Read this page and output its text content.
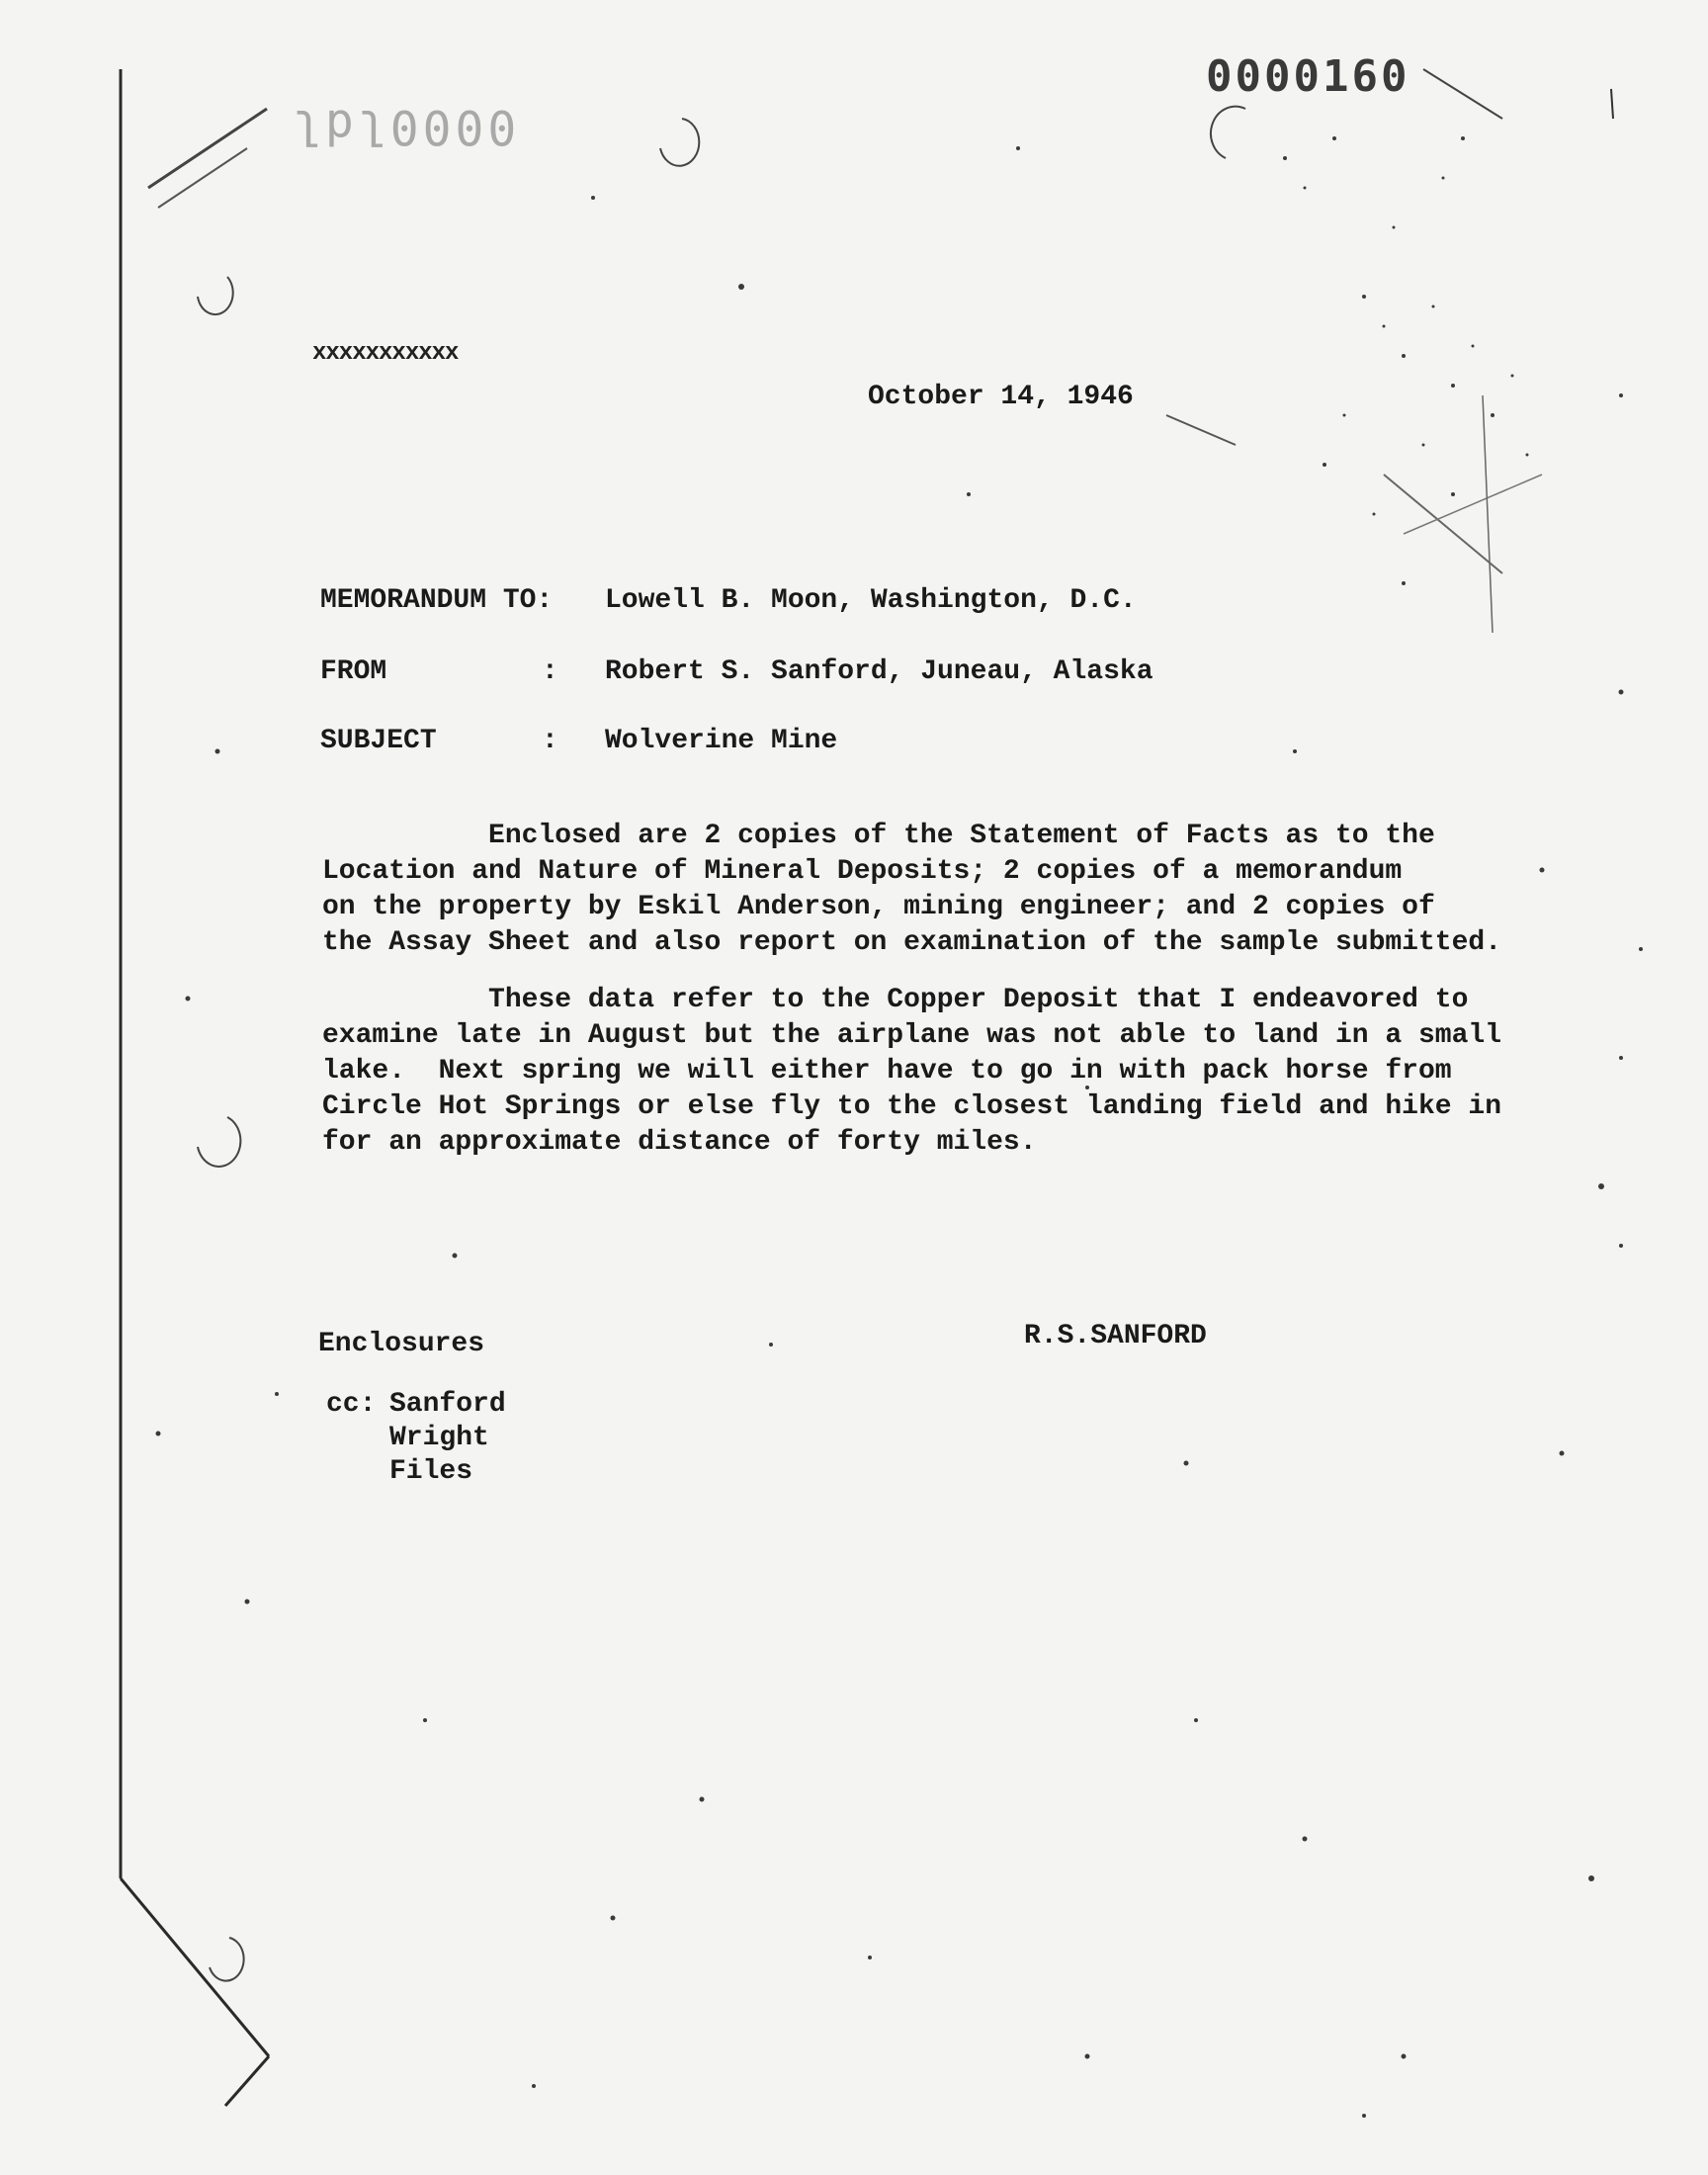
0000ldl
0000160
xxxxxxxxxxx
October 14, 1946
MEMORANDUM TO: Lowell B. Moon, Washington, D.C.
FROM	: Robert S. Sanford, Juneau, Alaska
SUBJECT	: Wolverine Mine
Enclosed are 2 copies of the Statement of Facts as to the
Location and Nature of Mineral Deposits; 2 copies of a memorandum
on the property by Eskil Anderson, mining engineer; and 2 copies of
the Assay Sheet and also report on examination of the sample submitted.
These data refer to the Copper Deposit that I endeavored to
examine late in August but the airplane was not able to land in a small
lake.  Next spring we will either have to go in with pack horse from
Circle Hot Springs or else fly to the closest landing field and hike in
for an approximate distance of forty miles.
Enclosures	R.S.SANFORD
cc: Sanford
Wright
Files
